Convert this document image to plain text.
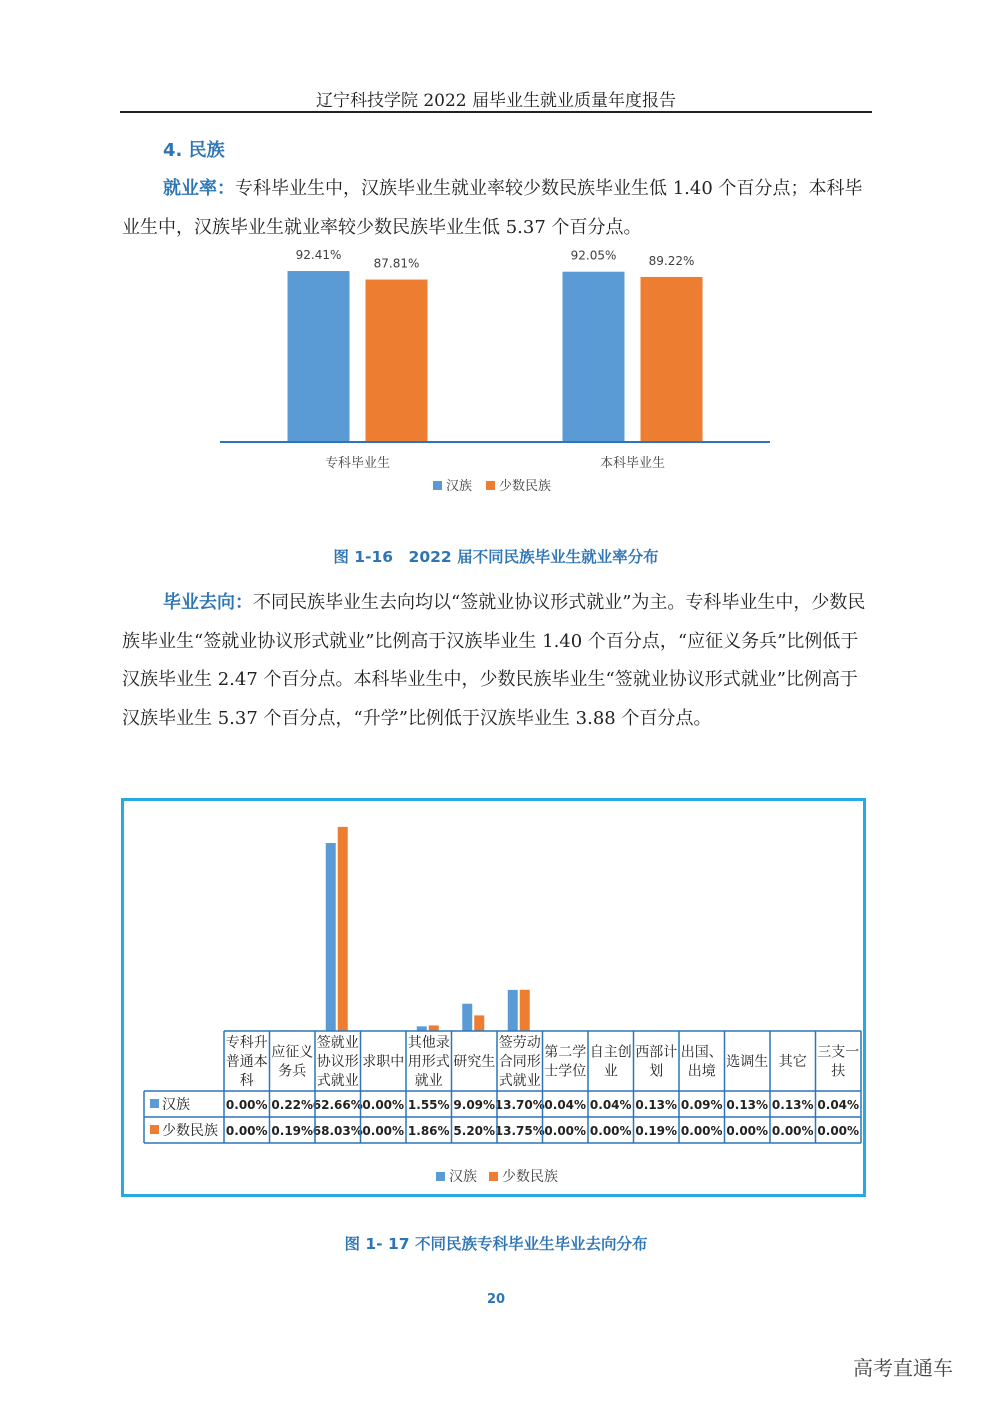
辽宁科技学院 2022 届毕业生就业质量年度报告
4. 民族
就业率：专科毕业生中，汉族毕业生就业率较少数民族毕业生低 1.40 个百分点；本科毕业生中，汉族毕业生就业率较少数民族毕业生低 5.37 个百分点。
92.41%
87.81%
专科毕业生
92.05%	89.22%
本科毕业生
汉族 少数民族
图 1-16　2022 届不同民族毕业生就业率分布
毕业去向：不同民族毕业生去向均以“签就业协议形式就业”为主。专科毕业生中，少数民族毕业生“签就业协议形式就业”比例高于汉族毕业生 1.40 个百分点，“应征义务兵”比例低于汉族毕业生 2.47 个百分点。本科毕业生中，少数民族毕业生“签就业协议形式就业”比例高于汉族毕业生 5.37 个百分点，“升学”比例低于汉族毕业生 3.88 个百分点。
专科升
普通本
科
0.00%
0.00%
应征义
务兵
0.22%
0.19%
签就业
协议形
式就业
62.66%
68.03%
求职中
0.00%
0.00%
其他录
用形式
就业
1.55%
1.86%
研究生
9.09%
5.20%
签劳动
合同形
式就业
13.70%
13.75%
第二学
士学位
0.04%
0.00%
自主创
业
0.04%
0.00%
西部计
划
0.13%
0.19%
出国、
出境
0.09%
0.00%
选调生
0.13%
0.00%
其它
0.13%
0.00%
三支一
扶
0.04%
0.00%
汉族
少数民族
汉族 少数民族
图 1- 17 不同民族专科毕业生毕业去向分布
20
高考直通车
